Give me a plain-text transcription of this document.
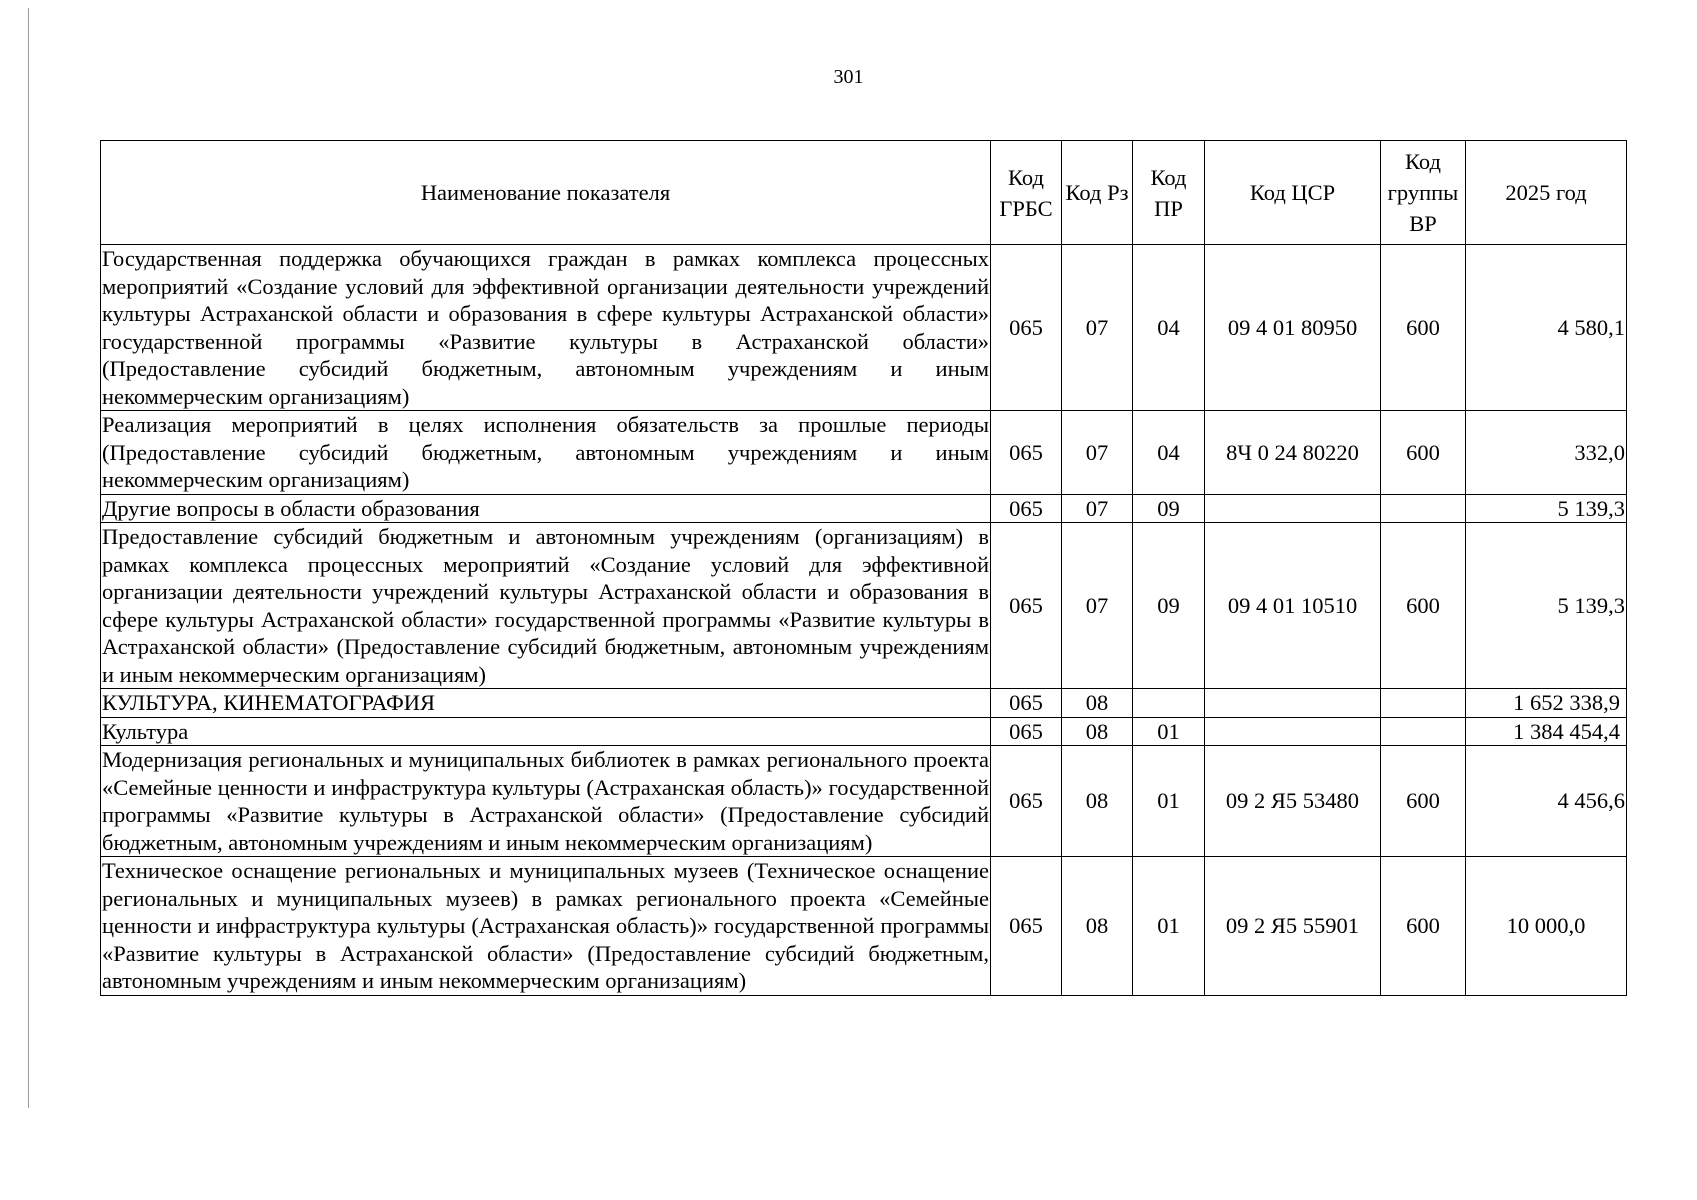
301
Наименование показателя	Код ГРБС	Код Рз	Код ПР	Код ЦСР	Код группы ВР	2025 год
Государственная поддержка обучающихся граждан в рамках комплекса процессных мероприятий «Создание условий для эффективной организации деятельности учреждений культуры Астраханской области и образования в сфере культуры Астраханской области» государственной программы «Развитие культуры в Астраханской области» (Предоставление субсидий бюджетным, автономным учреждениям и иным некоммерческим организациям)	065	07	04	09 4 01 80950	600	4 580,1
Реализация мероприятий в целях исполнения обязательств за прошлые периоды (Предоставление субсидий бюджетным, автономным учреждениям и иным некоммерческим организациям)	065	07	04	8Ч 0 24 80220	600	332,0
Другие вопросы в области образования	065	07	09			5 139,3
Предоставление субсидий бюджетным и автономным учреждениям (организациям) в рамках комплекса процессных мероприятий «Создание условий для эффективной организации деятельности учреждений культуры Астраханской области и образования в сфере культуры Астраханской области» государственной программы «Развитие культуры в Астраханской области» (Предоставление субсидий бюджетным, автономным учреждениям и иным некоммерческим организациям)	065	07	09	09 4 01 10510	600	5 139,3
КУЛЬТУРА, КИНЕМАТОГРАФИЯ	065	08				1 652 338,9
Культура	065	08	01			1 384 454,4
Модернизация региональных и муниципальных библиотек в рамках регионального проекта «Семейные ценности и инфраструктура культуры (Астраханская область)» государственной программы «Развитие культуры в Астраханской области» (Предоставление субсидий бюджетным, автономным учреждениям и иным некоммерческим организациям)	065	08	01	09 2 Я5 53480	600	4 456,6
Техническое оснащение региональных и муниципальных музеев (Техническое оснащение региональных и муниципальных музеев) в рамках регионального проекта «Семейные ценности и инфраструктура культуры (Астраханская область)» государственной программы «Развитие культуры в Астраханской области» (Предоставление субсидий бюджетным, автономным учреждениям и иным некоммерческим организациям)	065	08	01	09 2 Я5 55901	600	10 000,0
